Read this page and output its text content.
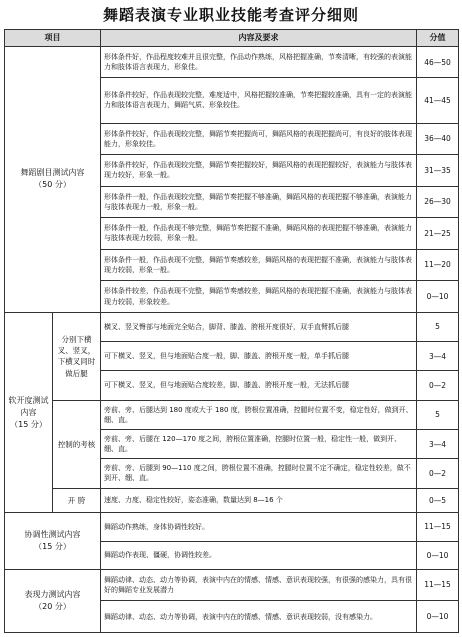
舞蹈表演专业职业技能考查评分细则
项目		内容及要求	分值

舞蹈剧目测试内容
（50 分）		形体条件好，作品程度较难并且很完整，作品动作熟练，风格把握准确，节奏清晰，有较强的表演能力和肢体语言表现力，形象佳。	46—50
		形体条件较好，作品表现较完整，难度适中，风格把握较准确，节奏把握较准确，具有一定的表演能力和肢体语言表现力，舞蹈气质、形象较佳。	41—45
		形体条件较好，作品表现较完整，舞蹈节奏把握尚可，舞蹈风格的表现把握尚可，有良好的肢体表现能力，形象较佳。	36—40
		形体条件较好，作品表现较完整，舞蹈节奏把握较好，舞蹈风格的表现把握较好，表演能力与肢体表现力较好，形象一般。	31—35
		形体条件一般，作品表现较完整，舞蹈节奏把握不够准确，舞蹈风格的表现把握不够准确，表演能力与肢体表现力一般，形象一般。	26—30
		形体条件一般，作品表现不够完整，舞蹈节奏把握不准确，舞蹈风格的表现把握不够准确，表演能力与肢体表现力较弱，形象一般。	21—25
		形体条件一般，作品表现不完整，舞蹈节奏感较差，舞蹈风格的表现把握不准确，表演能力与肢体表现力较弱，形象一般。	11—20
		形体条件较差，作品表现不完整，舞蹈节奏感较差，舞蹈风格的表现把握不准确，表演能力与肢体表现力较弱，形象较差。	0—10

软开度测试内容
（15 分）	分别下横叉、竖叉，下横叉同时做后腿	横叉、竖叉臀部与地面完全贴合，脚背、膝盖、胯根开度很好，双手直臂抓后腿	5
		可下横叉、竖叉，但与地面贴合度一般，脚、膝盖、胯根开度一般，单手抓后腿	3—4
		可下横叉、竖叉，但与地面贴合度较差，脚、膝盖、胯根开度一般，无法抓后腿	0—2
	控制的考核	旁前、旁、后腿达到 180 度或大于 180 度，胯根位置准确，控腿时位置不变，稳定性好，做到开、绷、直。	5
		旁前、旁、后腿在 120—170 度之间，胯根位置准确，控腿时位置一般，稳定性一般，做到开、绷、直。	3—4
		旁前、旁、后腿到 90—110 度之间，胯根位置不准确，控腿时位置不定不确定，稳定性较差，做不到开、绷、直。	0—2
	开 胯	速度、力度、稳定性较好，姿态准确，数量达到 8—16 个	0—5

协调性测试内容
（15 分）		舞蹈动作熟练，身体协调性较好。	11—15
		舞蹈动作表现、僵硬，协调性较差。	0—10

表现力测试内容
（20 分）		舞蹈动律、动态、动力等协调，表演中内在的情感、情感、意识表现较强，有很强的感染力，具有很好的舞蹈专业发展潜力	11—15
		舞蹈动律、动态、动力等协调，表演中内在的情感、情感、意识表现较弱，没有感染力。	0—10
